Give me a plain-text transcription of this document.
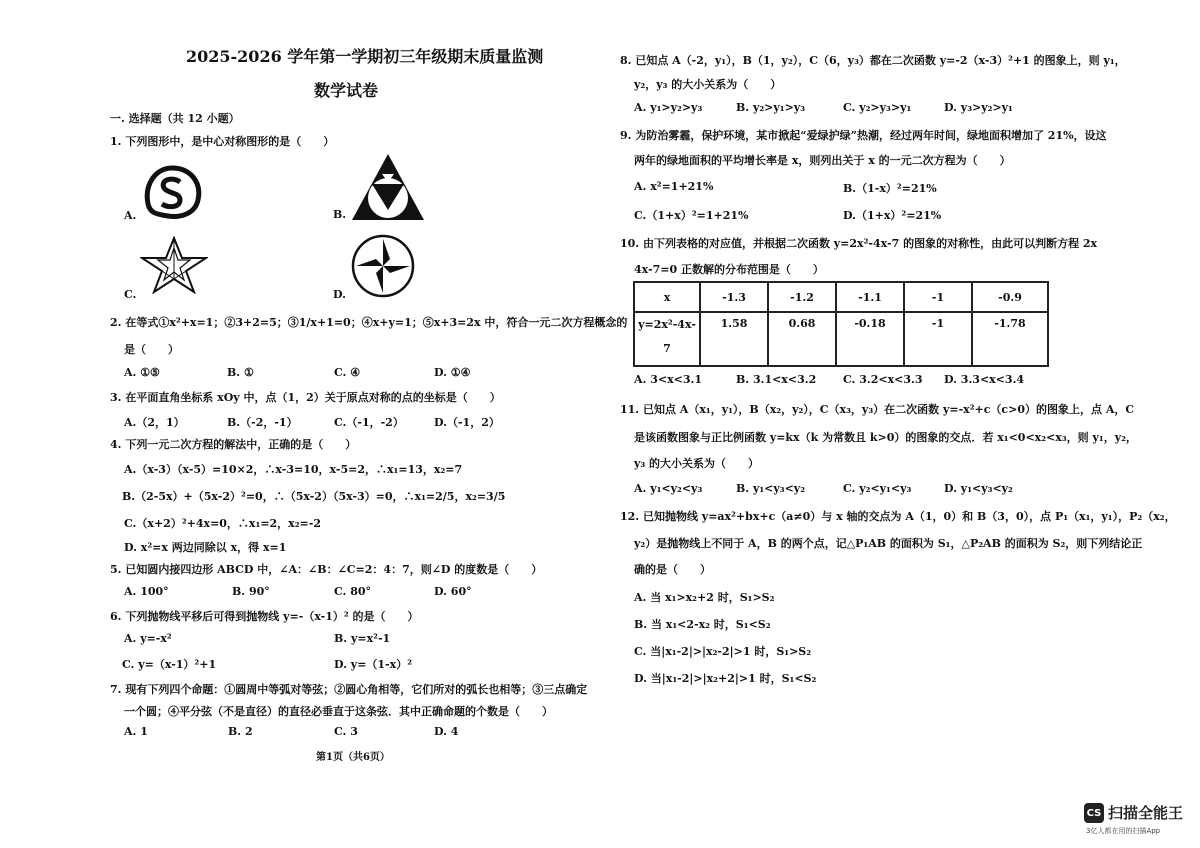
2025-2026 学年第一学期初三年级期末质量监测
数学试卷
一. 选择题（共 12 小题）
1. 下列图形中，是中心对称图形的是（　　）
A.	B.
C.	D.
2. 在等式①x²+x=1；②3+2=5；③1/x+1=0；④x+y=1；⑤x+3=2x 中，符合一元二次方程概念的
是（　　）
A. ①⑤	B. ①	C. ④	D. ①④
3. 在平面直角坐标系 xOy 中，点（1，2）关于原点对称的点的坐标是（　　）
A.（2，1）	B.（-2，-1）	C.（-1，-2）	D.（-1，2）
4. 下列一元二次方程的解法中，正确的是（　　）
A.（x-3）（x-5）=10×2，∴x-3=10，x-5=2，∴x₁=13，x₂=7
B.（2-5x）+（5x-2）²=0，∴（5x-2）（5x-3）=0，∴x₁=2/5，x₂=3/5
C.（x+2）²+4x=0，∴x₁=2，x₂=-2
D. x²=x 两边同除以 x，得 x=1
5. 已知圆内接四边形 ABCD 中，∠A：∠B：∠C=2：4：7，则∠D 的度数是（　　）
A. 100°	B. 90°	C. 80°	D. 60°
6. 下列抛物线平移后可得到抛物线 y=-（x-1）² 的是（　　）
A. y=-x²	B. y=x²-1
C. y=（x-1）²+1	D. y=（1-x）²
7. 现有下列四个命题：①圆周中等弧对等弦；②圆心角相等，它们所对的弧长也相等；③三点确定
一个圆；④平分弦（不是直径）的直径必垂直于这条弦．其中正确命题的个数是（　　）
A. 1	B. 2	C. 3	D. 4
第1页（共6页）
8. 已知点 A（-2，y₁），B（1，y₂），C（6，y₃）都在二次函数 y=-2（x-3）²+1 的图象上，则 y₁，
y₂，y₃ 的大小关系为（　　）
A. y₁>y₂>y₃	B. y₂>y₁>y₃	C. y₂>y₃>y₁	D. y₃>y₂>y₁
9. 为防治雾霾，保护环境，某市掀起“爱绿护绿”热潮，经过两年时间，绿地面积增加了 21%，设这
两年的绿地面积的平均增长率是 x，则列出关于 x 的一元二次方程为（　　）
A. x²=1+21%	B.（1-x）²=21%
C.（1+x）²=1+21%	D.（1+x）²=21%
10. 由下列表格的对应值，并根据二次函数 y=2x²-4x-7 的图象的对称性，由此可以判断方程 2x
4x-7=0 正数解的分布范围是（　　）
x	-1.3	-1.2	-1.1	-1	-0.9
y=2x²-4x-
7	1.58	0.68	-0.18	-1	-1.78
A. 3<x<3.1	B. 3.1<x<3.2 C. 3.2<x<3.3 D. 3.3<x<3.4
11. 已知点 A（x₁，y₁），B（x₂，y₂），C（x₃，y₃）在二次函数 y=-x²+c（c>0）的图象上，点 A，C
是该函数图象与正比例函数 y=kx（k 为常数且 k>0）的图象的交点．若 x₁<0<x₂<x₃，则 y₁，y₂，
y₃ 的大小关系为（　　）
A. y₁<y₂<y₃	B. y₁<y₃<y₂	C. y₂<y₁<y₃	D. y₁<y₃<y₂
12. 已知抛物线 y=ax²+bx+c（a≠0）与 x 轴的交点为 A（1，0）和 B（3，0），点 P₁（x₁，y₁），P₂（x₂，
y₂）是抛物线上不同于 A，B 的两个点，记△P₁AB 的面积为 S₁，△P₂AB 的面积为 S₂，则下列结论正
确的是（　　）
A. 当 x₁>x₂+2 时，S₁>S₂
B. 当 x₁<2-x₂ 时，S₁<S₂
C. 当|x₁-2|>|x₂-2|>1 时，S₁>S₂
D. 当|x₁-2|>|x₂+2|>1 时，S₁<S₂
CS 扫描全能王
3亿人都在用的扫描App
